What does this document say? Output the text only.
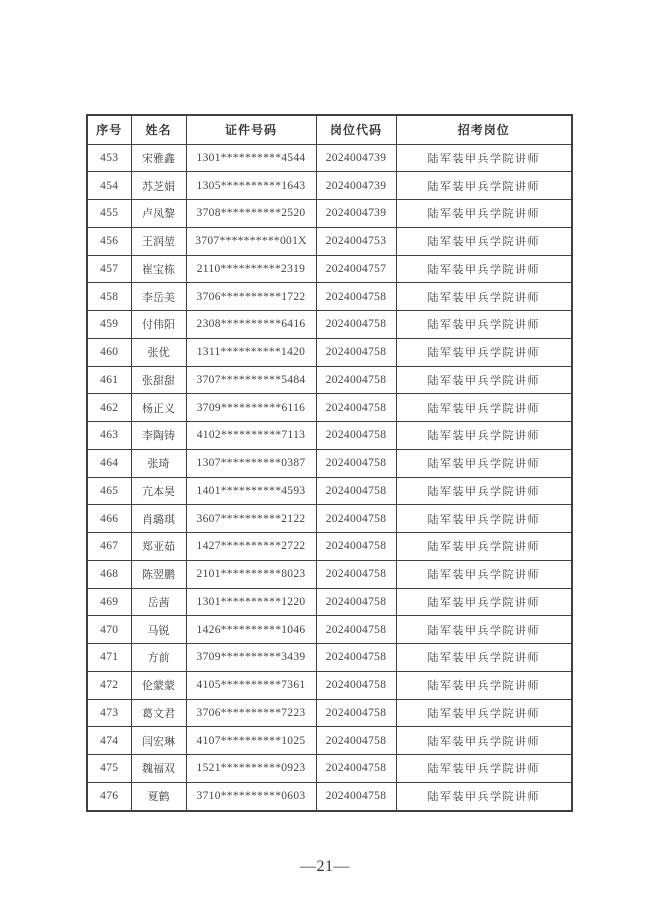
序号	姓名	证件号码	岗位代码	招考岗位
453	宋雅鑫	1301**********4544	2024004739	陆军装甲兵学院讲师
454	苏芝娟	1305**********1643	2024004739	陆军装甲兵学院讲师
455	卢凤黎	3708**********2520	2024004739	陆军装甲兵学院讲师
456	王润堃	3707**********001X	2024004753	陆军装甲兵学院讲师
457	崔宝栋	2110**********2319	2024004757	陆军装甲兵学院讲师
458	李岳美	3706**********1722	2024004758	陆军装甲兵学院讲师
459	付伟阳	2308**********6416	2024004758	陆军装甲兵学院讲师
460	张优	1311**********1420	2024004758	陆军装甲兵学院讲师
461	张甜甜	3707**********5484	2024004758	陆军装甲兵学院讲师
462	杨正义	3709**********6116	2024004758	陆军装甲兵学院讲师
463	李陶铸	4102**********7113	2024004758	陆军装甲兵学院讲师
464	张琦	1307**********0387	2024004758	陆军装甲兵学院讲师
465	亢本昊	1401**********4593	2024004758	陆军装甲兵学院讲师
466	肖璐琪	3607**********2122	2024004758	陆军装甲兵学院讲师
467	郑亚茹	1427**********2722	2024004758	陆军装甲兵学院讲师
468	陈翌鹏	2101**********8023	2024004758	陆军装甲兵学院讲师
469	岳茜	1301**********1220	2024004758	陆军装甲兵学院讲师
470	马锐	1426**********1046	2024004758	陆军装甲兵学院讲师
471	方前	3709**********3439	2024004758	陆军装甲兵学院讲师
472	伦蒙蒙	4105**********7361	2024004758	陆军装甲兵学院讲师
473	葛文君	3706**********7223	2024004758	陆军装甲兵学院讲师
474	闫宏琳	4107**********1025	2024004758	陆军装甲兵学院讲师
475	魏福双	1521**********0923	2024004758	陆军装甲兵学院讲师
476	夏鹤	3710**********0603	2024004758	陆军装甲兵学院讲师
—21—
